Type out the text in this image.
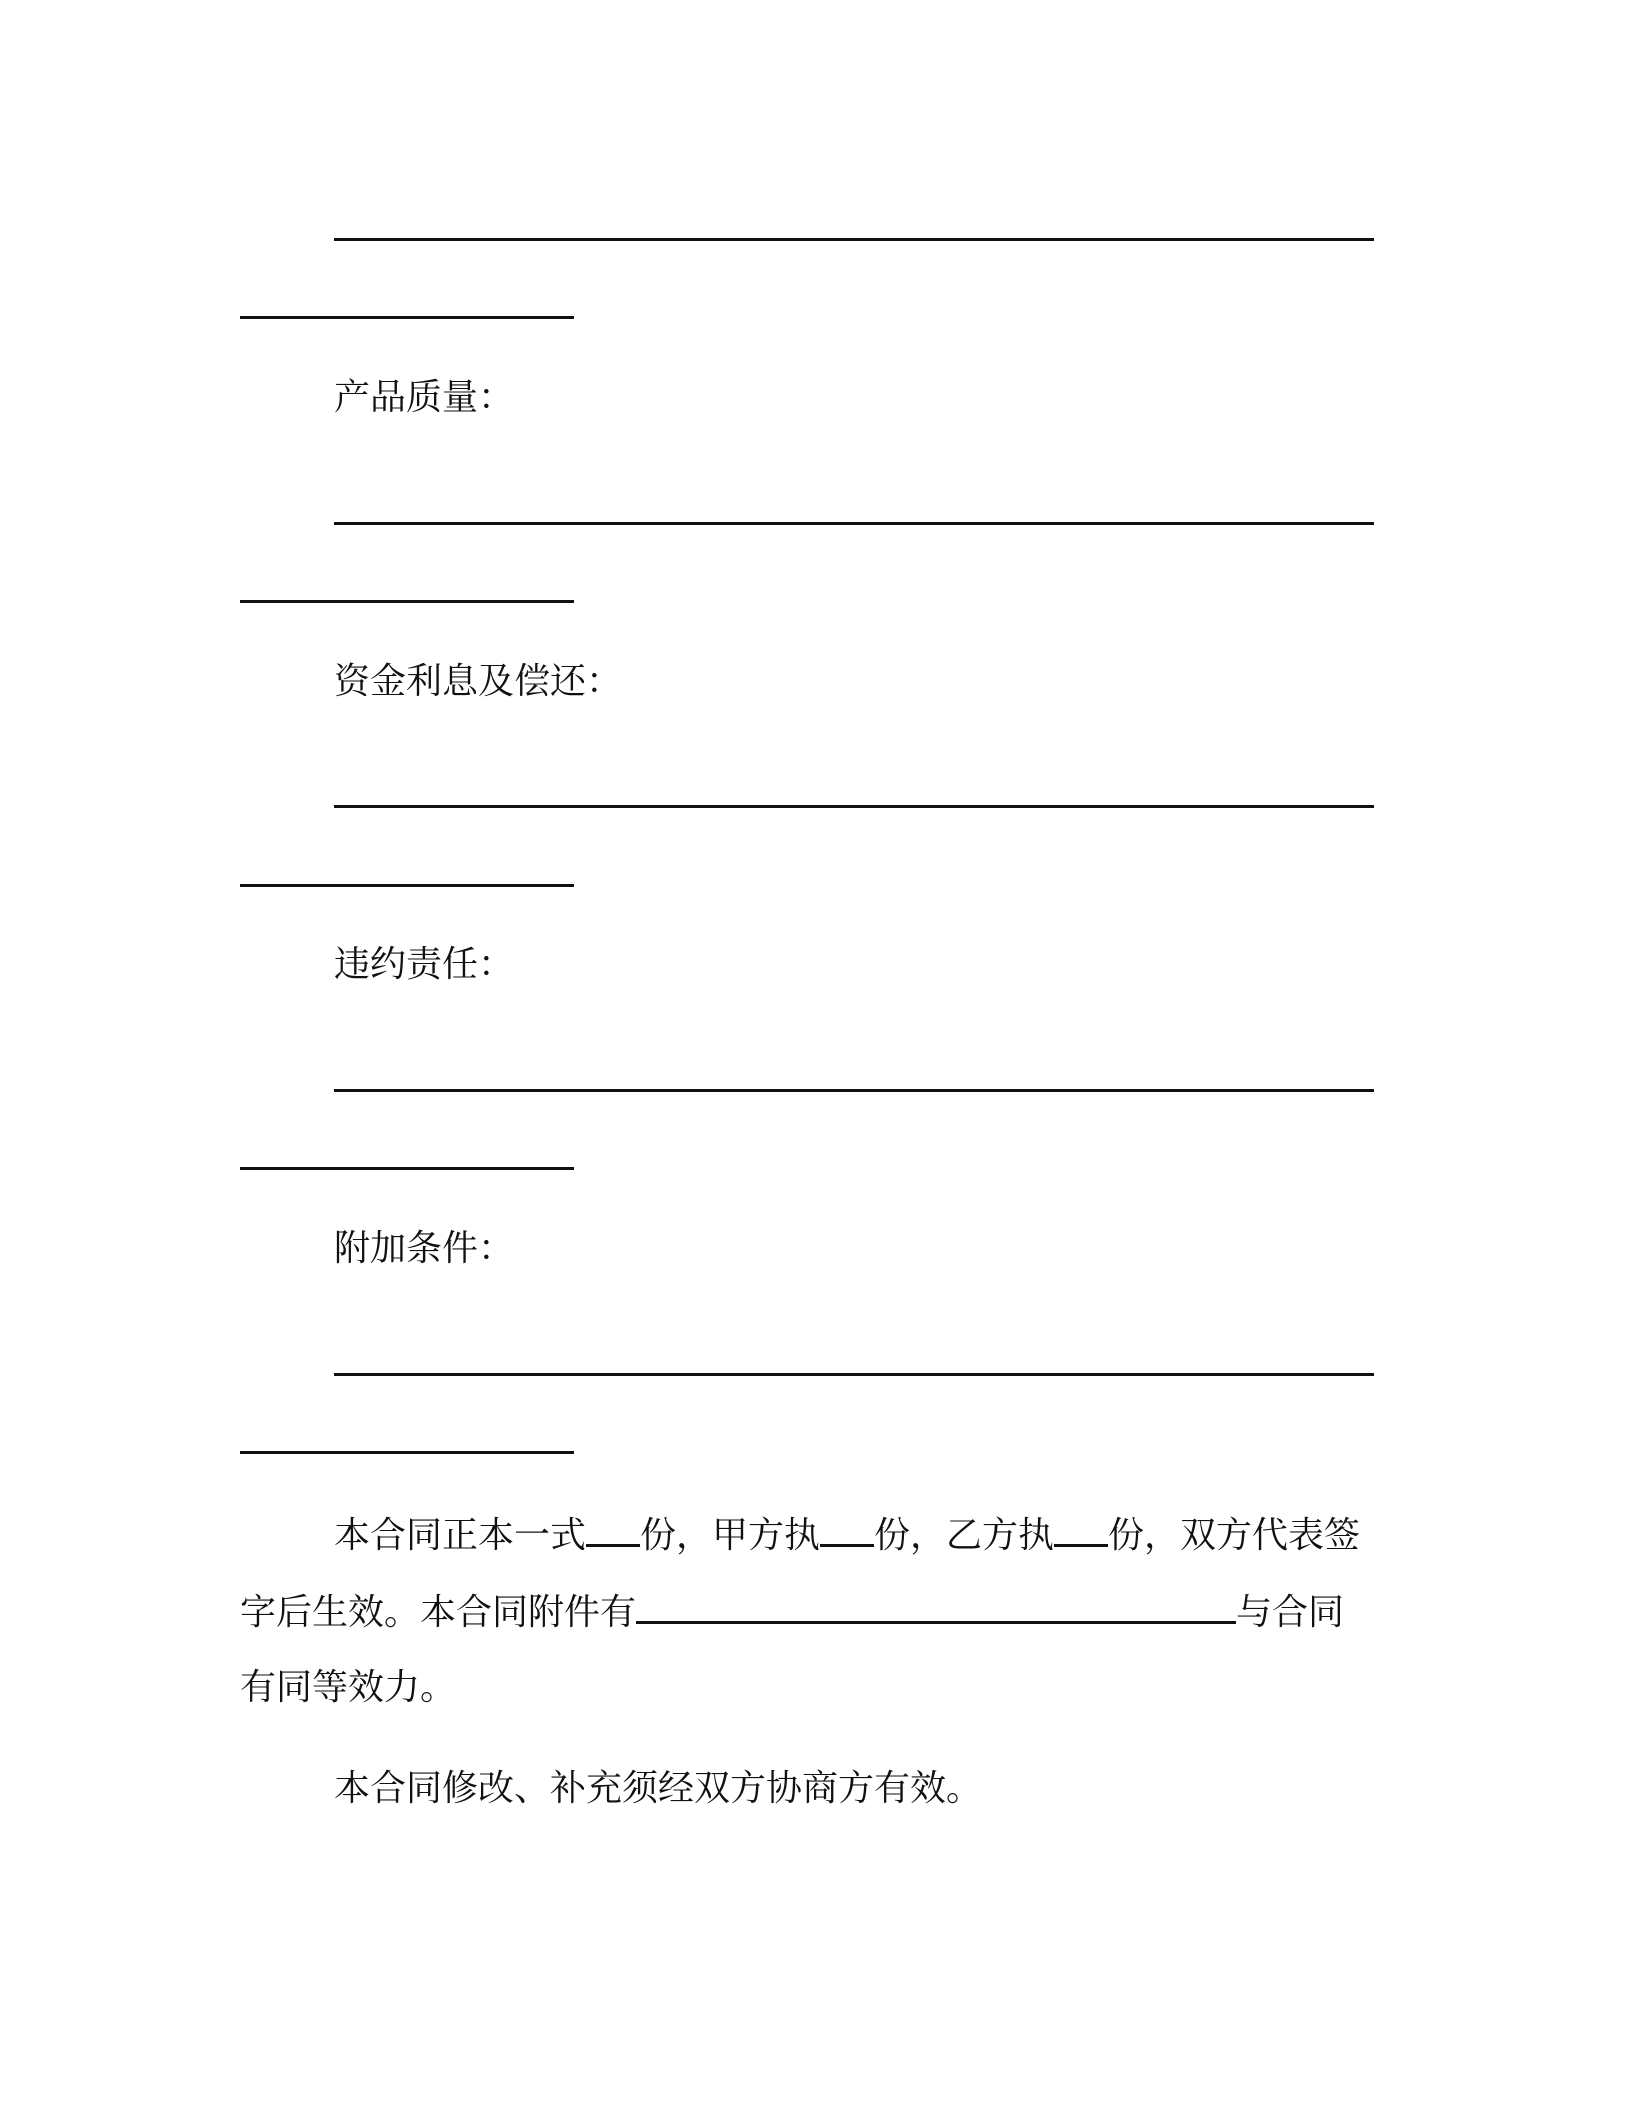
产品质量：
资金利息及偿还：
违约责任：
附加条件：
本合同正本一式 份，甲方执 份，乙方执 份，双方代表签
字后生效。本合同附件有	与合同
有同等效力。
本合同修改、补充须经双方协商方有效。
